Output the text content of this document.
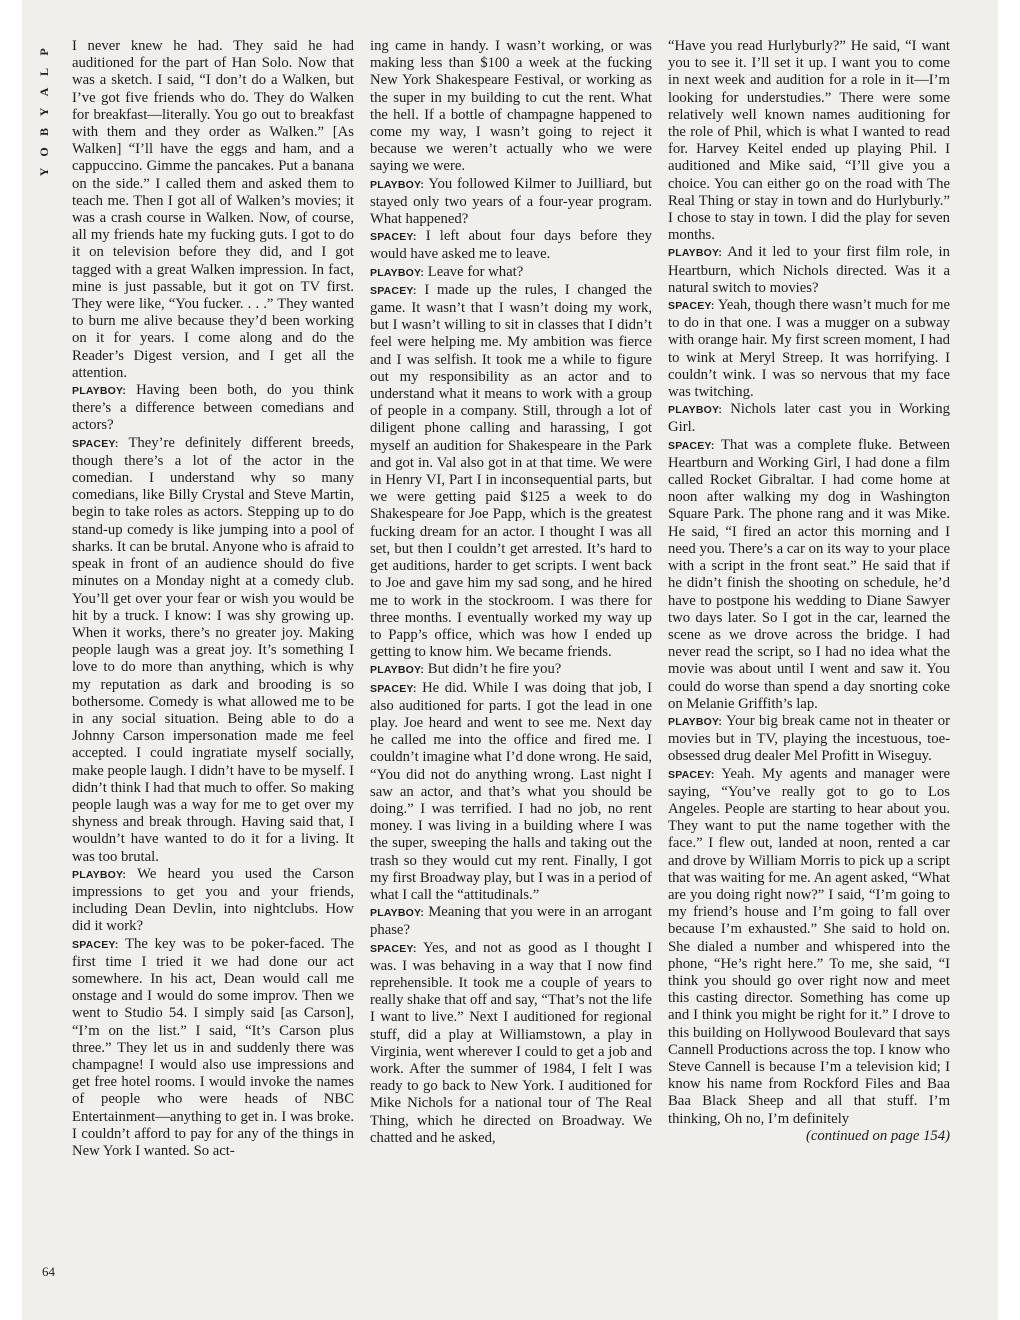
P
L
A
Y
B
O
Y

I never knew he had. They said he had auditioned for the part of Han Solo. Now that was a sketch. I said, “I don’t do a Walken, but I’ve got five friends who do. They do Walken for breakfast—literally. You go out to breakfast with them and they order as Walken.” [As Walken] “I’ll have the eggs and ham, and a cappuccino. Gimme the pancakes. Put a banana on the side.” I called them and asked them to teach me. Then I got all of Walken’s movies; it was a crash course in Walken. Now, of course, all my friends hate my fucking guts. I got to do it on television before they did, and I got tagged with a great Walken impression. In fact, mine is just passable, but it got on TV first. They were like, “You fucker. . . .” They wanted to burn me alive because they’d been working on it for years. I come along and do the Reader’s Digest version, and I get all the attention.

PLAYBOY: Having been both, do you think there’s a difference between comedians and actors?

SPACEY: They’re definitely different breeds, though there’s a lot of the actor in the comedian. I understand why so many comedians, like Billy Crystal and Steve Martin, begin to take roles as actors. Stepping up to do stand-up comedy is like jumping into a pool of sharks. It can be brutal. Anyone who is afraid to speak in front of an audience should do five minutes on a Monday night at a comedy club. You’ll get over your fear or wish you would be hit by a truck. I know: I was shy growing up. When it works, there’s no greater joy. Making people laugh was a great joy. It’s something I love to do more than anything, which is why my reputation as dark and brooding is so bothersome. Comedy is what allowed me to be in any social situation. Being able to do a Johnny Carson impersonation made me feel accepted. I could ingratiate myself socially, make people laugh. I didn’t have to be myself. I didn’t think I had that much to offer. So making people laugh was a way for me to get over my shyness and break through. Having said that, I wouldn’t have wanted to do it for a living. It was too brutal.

PLAYBOY: We heard you used the Carson impressions to get you and your friends, including Dean Devlin, into nightclubs. How did it work?

SPACEY: The key was to be poker-faced. The first time I tried it we had done our act somewhere. In his act, Dean would call me onstage and I would do some improv. Then we went to Studio 54. I simply said [as Carson], “I’m on the list.” I said, “It’s Carson plus three.” They let us in and suddenly there was champagne! I would also use impressions and get free hotel rooms. I would invoke the names of people who were heads of NBC Entertainment—anything to get in. I was broke. I couldn’t afford to pay for any of the things in New York I wanted. So act-

ing came in handy. I wasn’t working, or was making less than $100 a week at the fucking New York Shakespeare Festival, or working as the super in my building to cut the rent. What the hell. If a bottle of champagne happened to come my way, I wasn’t going to reject it because we weren’t actually who we were saying we were.

PLAYBOY: You followed Kilmer to Juilliard, but stayed only two years of a four-year program. What happened?

SPACEY: I left about four days before they would have asked me to leave.

PLAYBOY: Leave for what?

SPACEY: I made up the rules, I changed the game. It wasn’t that I wasn’t doing my work, but I wasn’t willing to sit in classes that I didn’t feel were helping me. My ambition was fierce and I was selfish. It took me a while to figure out my responsibility as an actor and to understand what it means to work with a group of people in a company. Still, through a lot of diligent phone calling and harassing, I got myself an audition for Shakespeare in the Park and got in. Val also got in at that time. We were in Henry VI, Part I in inconsequential parts, but we were getting paid $125 a week to do Shakespeare for Joe Papp, which is the greatest fucking dream for an actor. I thought I was all set, but then I couldn’t get arrested. It’s hard to get auditions, harder to get scripts. I went back to Joe and gave him my sad song, and he hired me to work in the stockroom. I was there for three months. I eventually worked my way up to Papp’s office, which was how I ended up getting to know him. We became friends.

PLAYBOY: But didn’t he fire you?

SPACEY: He did. While I was doing that job, I also auditioned for parts. I got the lead in one play. Joe heard and went to see me. Next day he called me into the office and fired me. I couldn’t imagine what I’d done wrong. He said, “You did not do anything wrong. Last night I saw an actor, and that’s what you should be doing.” I was terrified. I had no job, no rent money. I was living in a building where I was the super, sweeping the halls and taking out the trash so they would cut my rent. Finally, I got my first Broadway play, but I was in a period of what I call the “attitudinals.”

PLAYBOY: Meaning that you were in an arrogant phase?

SPACEY: Yes, and not as good as I thought I was. I was behaving in a way that I now find reprehensible. It took me a couple of years to really shake that off and say, “That’s not the life I want to live.” Next I auditioned for regional stuff, did a play at Williamstown, a play in Virginia, went wherever I could to get a job and work. After the summer of 1984, I felt I was ready to go back to New York. I auditioned for Mike Nichols for a national tour of The Real Thing, which he directed on Broadway. We chatted and he asked,

“Have you read Hurlyburly?” He said, “I want you to see it. I’ll set it up. I want you to come in next week and audition for a role in it—I’m looking for understudies.” There were some relatively well known names auditioning for the role of Phil, which is what I wanted to read for. Harvey Keitel ended up playing Phil. I auditioned and Mike said, “I’ll give you a choice. You can either go on the road with The Real Thing or stay in town and do Hurlyburly.” I chose to stay in town. I did the play for seven months.

PLAYBOY: And it led to your first film role, in Heartburn, which Nichols directed. Was it a natural switch to movies?

SPACEY: Yeah, though there wasn’t much for me to do in that one. I was a mugger on a subway with orange hair. My first screen moment, I had to wink at Meryl Streep. It was horrifying. I couldn’t wink. I was so nervous that my face was twitching.

PLAYBOY: Nichols later cast you in Working Girl.

SPACEY: That was a complete fluke. Between Heartburn and Working Girl, I had done a film called Rocket Gibraltar. I had come home at noon after walking my dog in Washington Square Park. The phone rang and it was Mike. He said, “I fired an actor this morning and I need you. There’s a car on its way to your place with a script in the front seat.” He said that if he didn’t finish the shooting on schedule, he’d have to postpone his wedding to Diane Sawyer two days later. So I got in the car, learned the scene as we drove across the bridge. I had never read the script, so I had no idea what the movie was about until I went and saw it. You could do worse than spend a day snorting coke on Melanie Griffith’s lap.

PLAYBOY: Your big break came not in theater or movies but in TV, playing the incestuous, toe-obsessed drug dealer Mel Profitt in Wiseguy.

SPACEY: Yeah. My agents and manager were saying, “You’ve really got to go to Los Angeles. People are starting to hear about you. They want to put the name together with the face.” I flew out, landed at noon, rented a car and drove by William Morris to pick up a script that was waiting for me. An agent asked, “What are you doing right now?” I said, “I’m going to my friend’s house and I’m going to fall over because I’m exhausted.” She said to hold on. She dialed a number and whispered into the phone, “He’s right here.” To me, she said, “I think you should go over right now and meet this casting director. Something has come up and I think you might be right for it.” I drove to this building on Hollywood Boulevard that says Cannell Productions across the top. I know who Steve Cannell is because I’m a television kid; I know his name from Rockford Files and Baa Baa Black Sheep and all that stuff. I’m thinking, Oh no, I’m definitely

(continued on page 154)

64
